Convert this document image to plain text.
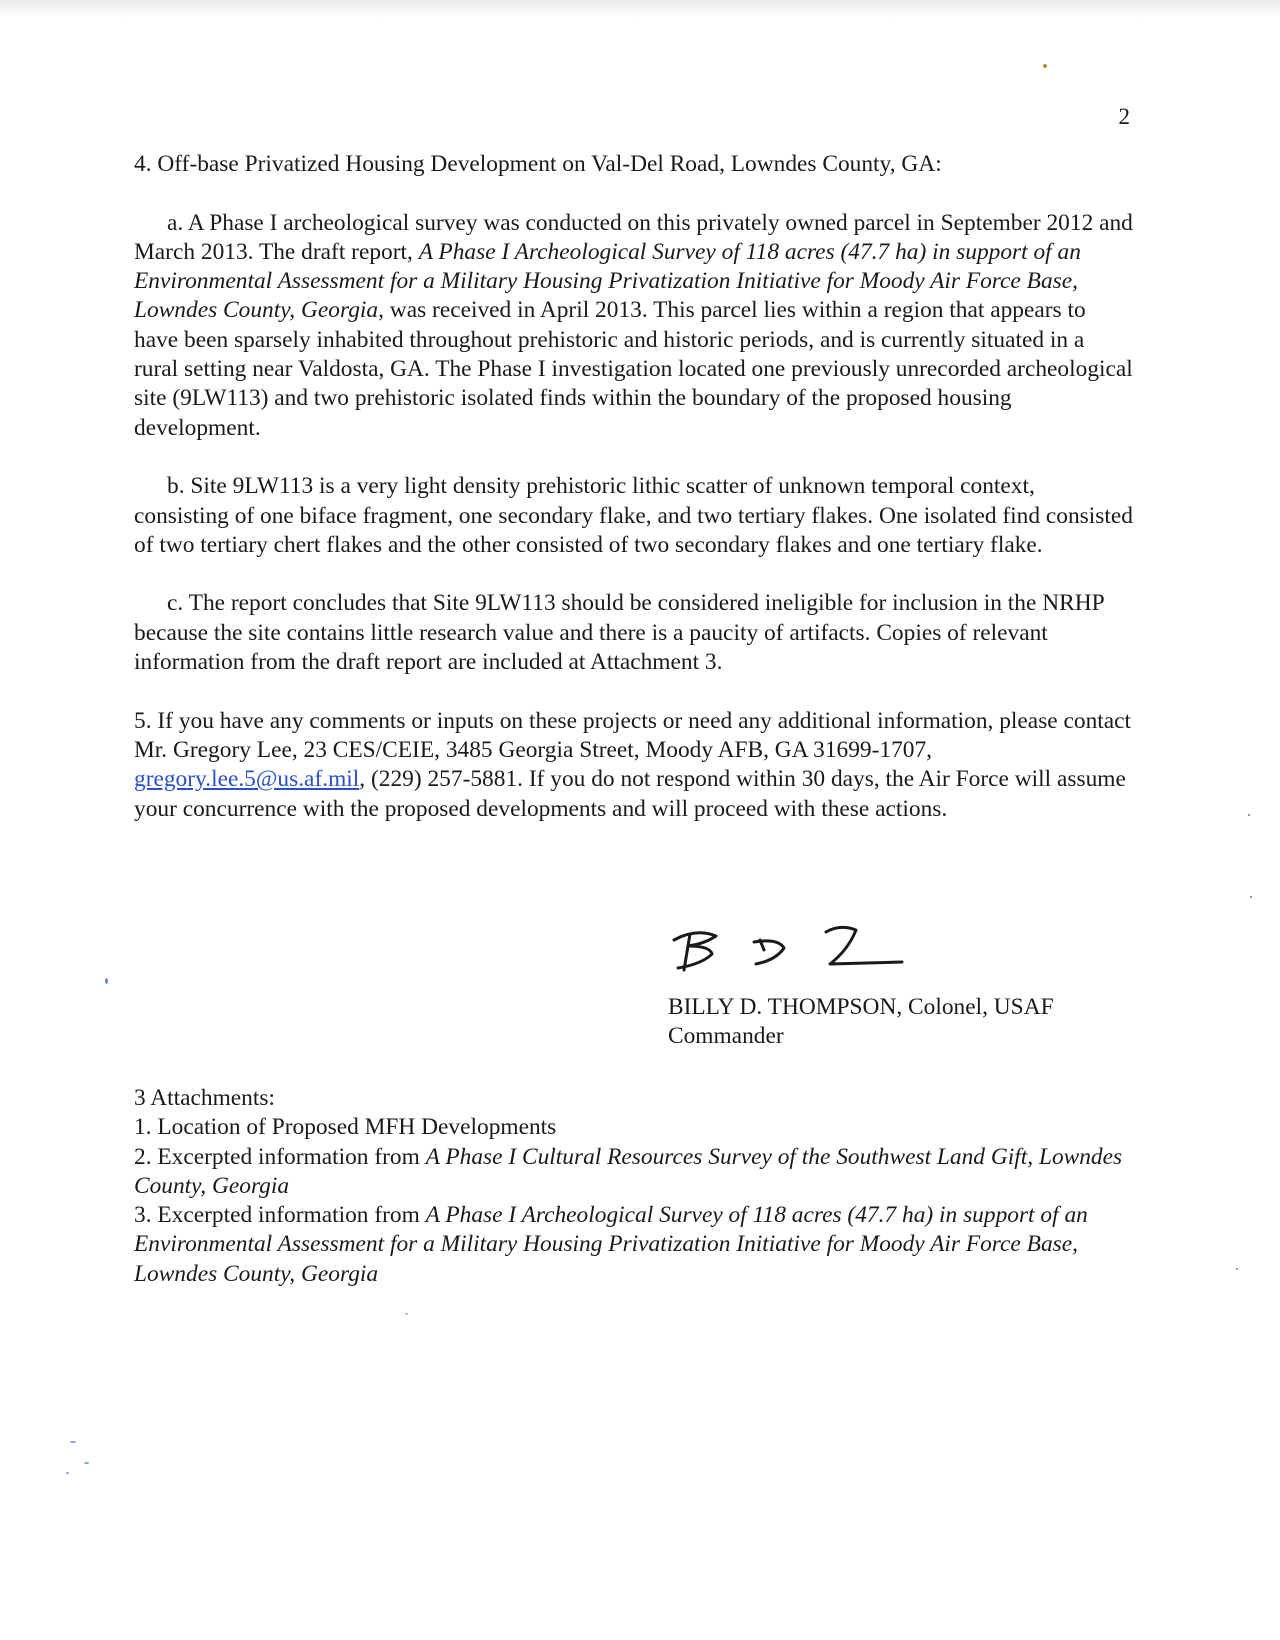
2

4. Off-base Privatized Housing Development on Val-Del Road, Lowndes County, GA:

a. A Phase I archeological survey was conducted on this privately owned parcel in September 2012 and March 2013. The draft report, A Phase I Archeological Survey of 118 acres (47.7 ha) in support of an Environmental Assessment for a Military Housing Privatization Initiative for Moody Air Force Base, Lowndes County, Georgia, was received in April 2013. This parcel lies within a region that appears to have been sparsely inhabited throughout prehistoric and historic periods, and is currently situated in a rural setting near Valdosta, GA. The Phase I investigation located one previously unrecorded archeological site (9LW113) and two prehistoric isolated finds within the boundary of the proposed housing development.

b. Site 9LW113 is a very light density prehistoric lithic scatter of unknown temporal context, consisting of one biface fragment, one secondary flake, and two tertiary flakes. One isolated find consisted of two tertiary chert flakes and the other consisted of two secondary flakes and one tertiary flake.

c. The report concludes that Site 9LW113 should be considered ineligible for inclusion in the NRHP because the site contains little research value and there is a paucity of artifacts. Copies of relevant information from the draft report are included at Attachment 3.

5. If you have any comments or inputs on these projects or need any additional information, please contact Mr. Gregory Lee, 23 CES/CEIE, 3485 Georgia Street, Moody AFB, GA 31699-1707, gregory.lee.5@us.af.mil, (229) 257-5881. If you do not respond within 30 days, the Air Force will assume your concurrence with the proposed developments and will proceed with these actions.

BILLY D. THOMPSON, Colonel, USAF
Commander
3 Attachments:
1. Location of Proposed MFH Developments
2. Excerpted information from A Phase I Cultural Resources Survey of the Southwest Land Gift, Lowndes County, Georgia
3. Excerpted information from A Phase I Archeological Survey of 118 acres (47.7 ha) in support of an Environmental Assessment for a Military Housing Privatization Initiative for Moody Air Force Base, Lowndes County, Georgia
